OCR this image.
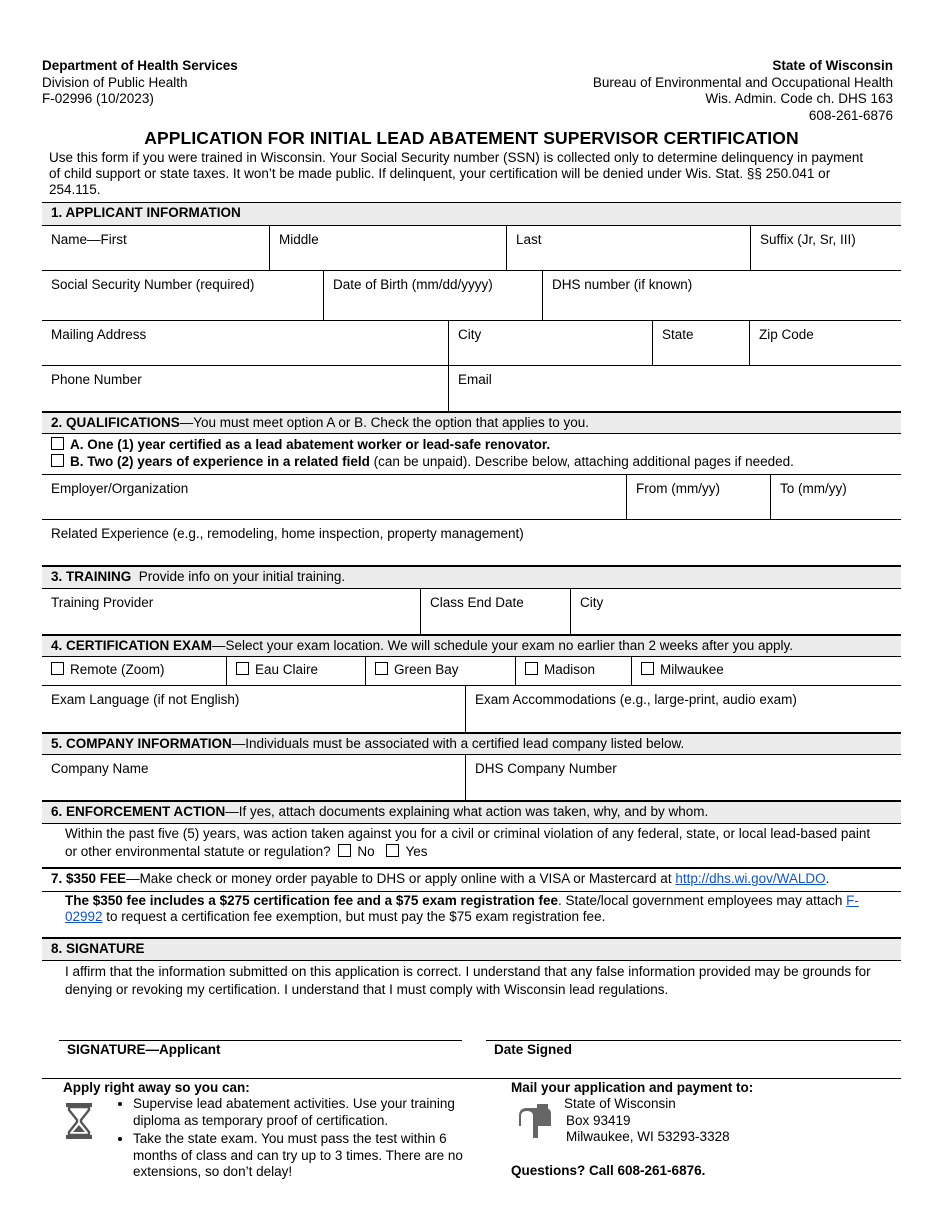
Department of Health Services
Division of Public Health
F-02996 (10/2023)
State of Wisconsin
Bureau of Environmental and Occupational Health
Wis. Admin. Code ch. DHS 163
608-261-6876
APPLICATION FOR INITIAL LEAD ABATEMENT SUPERVISOR CERTIFICATION
Use this form if you were trained in Wisconsin. Your Social Security number (SSN) is collected only to determine delinquency in payment of child support or state taxes. It won’t be made public. If delinquent, your certification will be denied under Wis. Stat. §§ 250.041 or 254.115.
1. APPLICANT INFORMATION
Name—First	Middle	Last	Suffix (Jr, Sr, III)
Social Security Number (required)	Date of Birth (mm/dd/yyyy)	DHS number (if known)
Mailing Address	City	State	Zip Code
Phone Number	Email
2. QUALIFICATIONS—You must meet option A or B. Check the option that applies to you.
A. One (1) year certified as a lead abatement worker or lead-safe renovator.
B. Two (2) years of experience in a related field (can be unpaid). Describe below, attaching additional pages if needed.
Employer/Organization	From (mm/yy)	To (mm/yy)
Related Experience (e.g., remodeling, home inspection, property management)
3. TRAINING  Provide info on your initial training.
Training Provider	Class End Date	City
4. CERTIFICATION EXAM—Select your exam location. We will schedule your exam no earlier than 2 weeks after you apply.
Remote (Zoom)	Eau Claire	Green Bay	Madison	Milwaukee
Exam Language (if not English)	Exam Accommodations (e.g., large-print, audio exam)
5. COMPANY INFORMATION—Individuals must be associated with a certified lead company listed below.
Company Name	DHS Company Number
6. ENFORCEMENT ACTION—If yes, attach documents explaining what action was taken, why, and by whom.
Within the past five (5) years, was action taken against you for a civil or criminal violation of any federal, state, or local lead-based paint or other environmental statute or regulation? No Yes
7. $350 FEE—Make check or money order payable to DHS or apply online with a VISA or Mastercard at http://dhs.wi.gov/WALDO.
The $350 fee includes a $275 certification fee and a $75 exam registration fee. State/local government employees may attach F-02992 to request a certification fee exemption, but must pay the $75 exam registration fee.
8. SIGNATURE
I affirm that the information submitted on this application is correct. I understand that any false information provided may be grounds for denying or revoking my certification. I understand that I must comply with Wisconsin lead regulations.
SIGNATURE—Applicant	Date Signed
Apply right away so you can:
• Supervise lead abatement activities. Use your training diploma as temporary proof of certification.
• Take the state exam. You must pass the test within 6 months of class and can try up to 3 times. There are no extensions, so don’t delay!
Mail your application and payment to:
State of Wisconsin
Box 93419
Milwaukee, WI 53293-3328
Questions? Call 608-261-6876.
